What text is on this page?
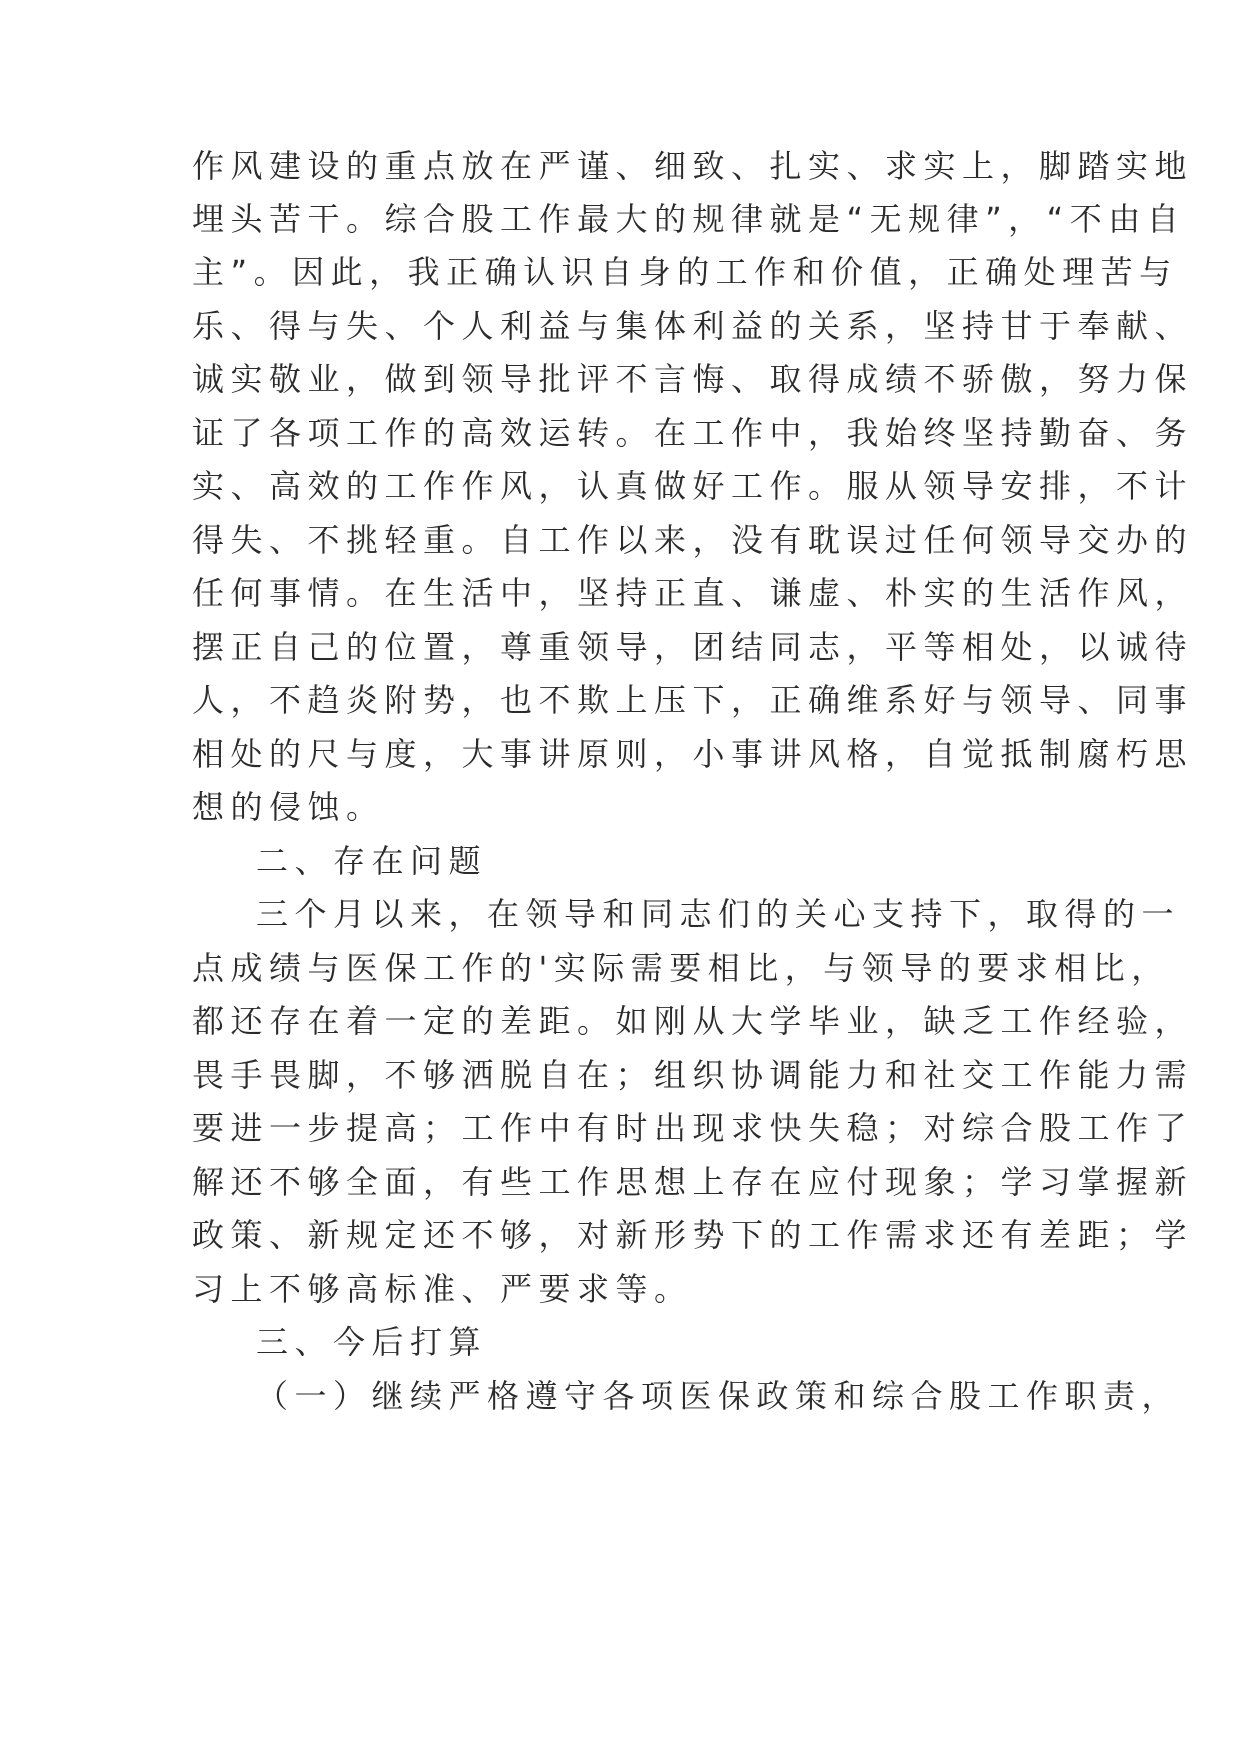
作风建设的重点放在严谨、细致、扎实、求实上，脚踏实地
埋头苦干。综合股工作最大的规律就是“无规律”，“不由自
主”。因此，我正确认识自身的工作和价值，正确处理苦与
乐、得与失、个人利益与集体利益的关系，坚持甘于奉献、
诚实敬业，做到领导批评不言悔、取得成绩不骄傲，努力保
证了各项工作的高效运转。在工作中，我始终坚持勤奋、务
实、高效的工作作风，认真做好工作。服从领导安排，不计
得失、不挑轻重。自工作以来，没有耽误过任何领导交办的
任何事情。在生活中，坚持正直、谦虚、朴实的生活作风，
摆正自己的位置，尊重领导，团结同志，平等相处，以诚待
人，不趋炎附势，也不欺上压下，正确维系好与领导、同事
相处的尺与度，大事讲原则，小事讲风格，自觉抵制腐朽思
想的侵蚀。
二、存在问题
三个月以来，在领导和同志们的关心支持下，取得的一
点成绩与医保工作的'实际需要相比，与领导的要求相比，
都还存在着一定的差距。如刚从大学毕业，缺乏工作经验，
畏手畏脚，不够洒脱自在；组织协调能力和社交工作能力需
要进一步提高；工作中有时出现求快失稳；对综合股工作了
解还不够全面，有些工作思想上存在应付现象；学习掌握新
政策、新规定还不够，对新形势下的工作需求还有差距；学
习上不够高标准、严要求等。
三、今后打算
（一）继续严格遵守各项医保政策和综合股工作职责，
